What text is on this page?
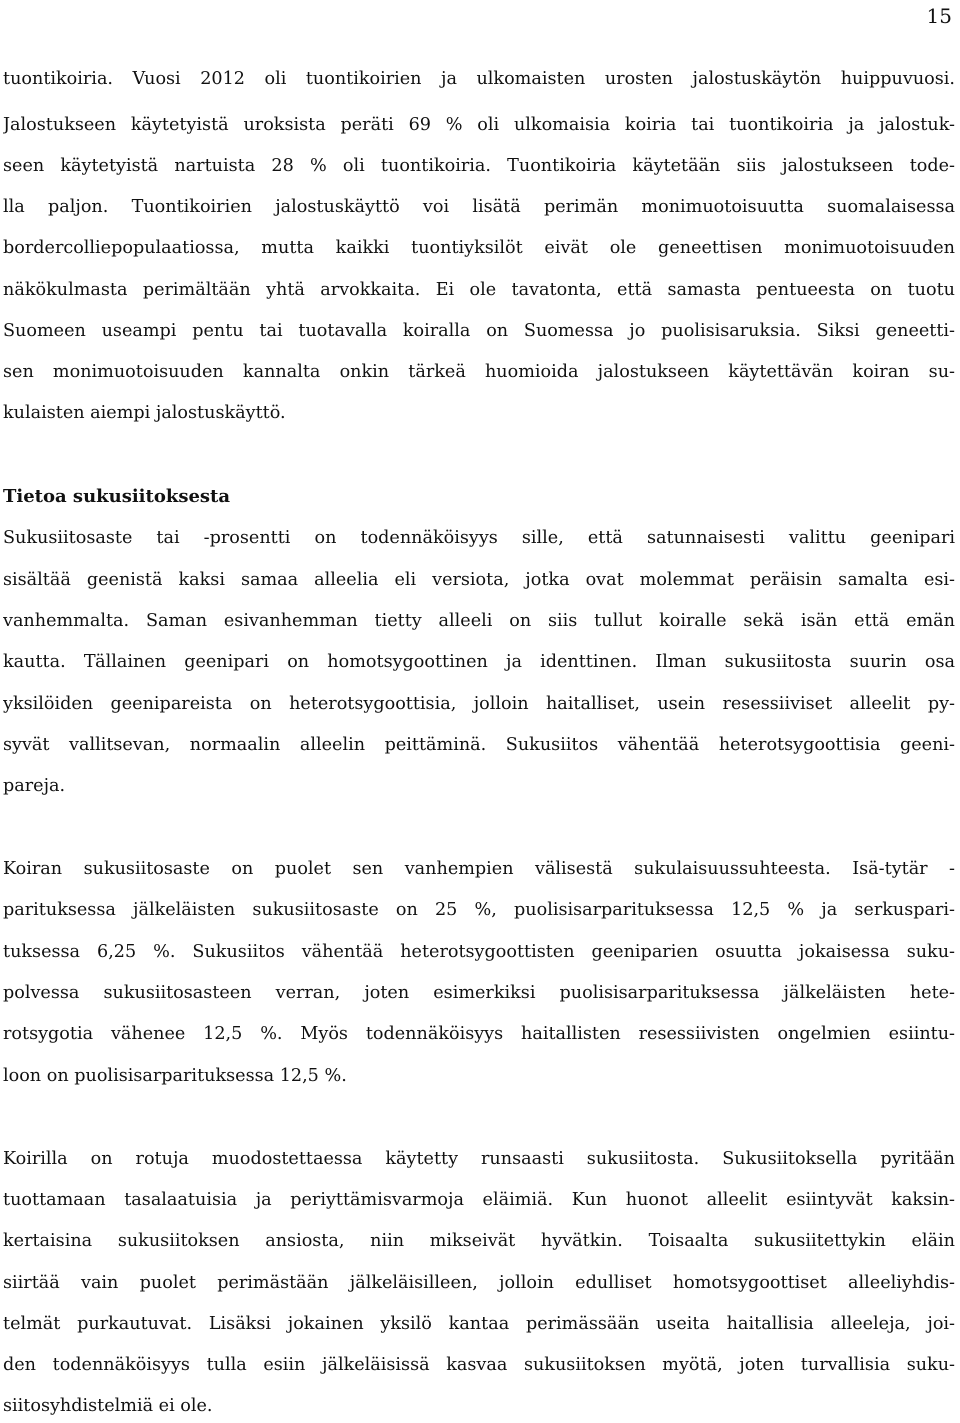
15
tuontikoiria. Vuosi 2012 oli tuontikoirien ja ulkomaisten urosten jalostuskäytön huippuvuosi.
Jalostukseen käytetyistä uroksista peräti 69 % oli ulkomaisia koiria tai tuontikoiria ja jalostuk-
seen käytetyistä nartuista 28 % oli tuontikoiria. Tuontikoiria käytetään siis jalostukseen tode-
lla paljon. Tuontikoirien jalostuskäyttö voi lisätä perimän monimuotoisuutta suomalaisessa
bordercolliepopulaatiossa, mutta kaikki tuontiyksilöt eivät ole geneettisen monimuotoisuuden
näkökulmasta perimältään yhtä arvokkaita. Ei ole tavatonta, että samasta pentueesta on tuotu
Suomeen useampi pentu tai tuotavalla koiralla on Suomessa jo puolisisaruksia. Siksi geneetti-
sen monimuotoisuuden kannalta onkin tärkeä huomioida jalostukseen käytettävän koiran su-
kulaisten aiempi jalostuskäyttö.
Tietoa sukusiitoksesta
Sukusiitosaste tai -prosentti on todennäköisyys sille, että satunnaisesti valittu geenipari
sisältää geenistä kaksi samaa alleelia eli versiota, jotka ovat molemmat peräisin samalta esi-
vanhemmalta. Saman esivanhemman tietty alleeli on siis tullut koiralle sekä isän että emän
kautta. Tällainen geenipari on homotsygoottinen ja identtinen. Ilman sukusiitosta suurin osa
yksilöiden geenipareista on heterotsygoottisia, jolloin haitalliset, usein resessiiviset alleelit py-
syvät vallitsevan, normaalin alleelin peittäminä. Sukusiitos vähentää heterotsygoottisia geeni-
pareja.
Koiran sukusiitosaste on puolet sen vanhempien välisestä sukulaisuussuhteesta. Isä-tytär -
parituksessa jälkeläisten sukusiitosaste on 25 %, puolisisarparituksessa 12,5 % ja serkuspari-
tuksessa 6,25 %. Sukusiitos vähentää heterotsygoottisten geeniparien osuutta jokaisessa suku-
polvessa sukusiitosasteen verran, joten esimerkiksi puolisisarparituksessa jälkeläisten hete-
rotsygotia vähenee 12,5 %. Myös todennäköisyys haitallisten resessiivisten ongelmien esiintu-
loon on puolisisarparituksessa 12,5 %.
Koirilla on rotuja muodostettaessa käytetty runsaasti sukusiitosta. Sukusiitoksella pyritään
tuottamaan tasalaatuisia ja periyttämisvarmoja eläimiä. Kun huonot alleelit esiintyvät kaksin-
kertaisina sukusiitoksen ansiosta, niin mikseivät hyvätkin. Toisaalta sukusiitettykin eläin
siirtää vain puolet perimästään jälkeläisilleen, jolloin edulliset homotsygoottiset alleeliyhdis-
telmät purkautuvat. Lisäksi jokainen yksilö kantaa perimässään useita haitallisia alleeleja, joi-
den todennäköisyys tulla esiin jälkeläisissä kasvaa sukusiitoksen myötä, joten turvallisia suku-
siitosyhdistelmiä ei ole.
